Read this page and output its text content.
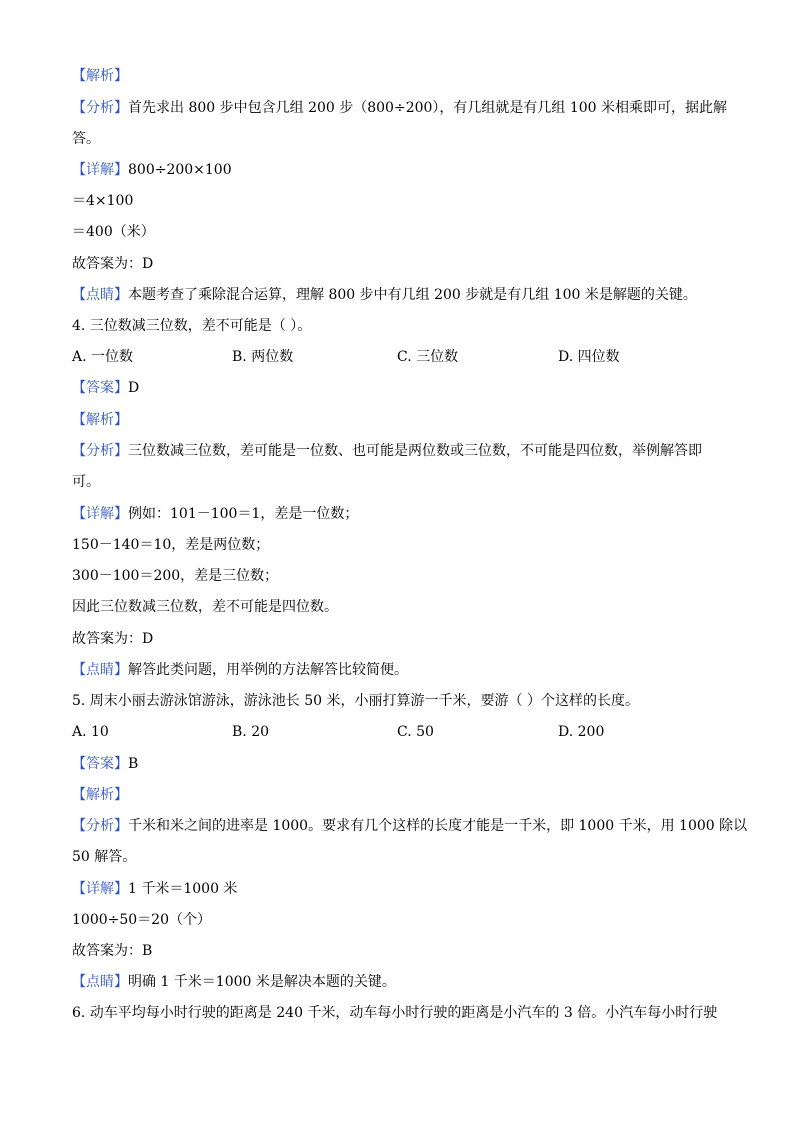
【解析】
【分析】首先求出 800 步中包含几组 200 步（800÷200），有几组就是有几组 100 米相乘即可，据此解
答。
【详解】800÷200×100
＝4×100
＝400（米）
故答案为：D
【点睛】本题考查了乘除混合运算，理解 800 步中有几组 200 步就是有几组 100 米是解题的关键。
4. 三位数减三位数，差不可能是（ ）。
A. 一位数	B. 两位数	C. 三位数	D. 四位数
【答案】D
【解析】
【分析】三位数减三位数，差可能是一位数、也可能是两位数或三位数，不可能是四位数，举例解答即
可。
【详解】例如：101－100＝1，差是一位数；
150－140＝10，差是两位数；
300－100＝200，差是三位数；
因此三位数减三位数，差不可能是四位数。
故答案为：D
【点睛】解答此类问题，用举例的方法解答比较简便。
5. 周末小丽去游泳馆游泳，游泳池长 50 米，小丽打算游一千米，要游（ ）个这样的长度。
A. 10	B. 20	C. 50	D. 200
【答案】B
【解析】
【分析】千米和米之间的进率是 1000。要求有几个这样的长度才能是一千米，即 1000 千米，用 1000 除以
50 解答。
【详解】1 千米＝1000 米
1000÷50＝20（个）
故答案为：B
【点睛】明确 1 千米＝1000 米是解决本题的关键。
6. 动车平均每小时行驶的距离是 240 千米，动车每小时行驶的距离是小汽车的 3 倍。小汽车每小时行驶
